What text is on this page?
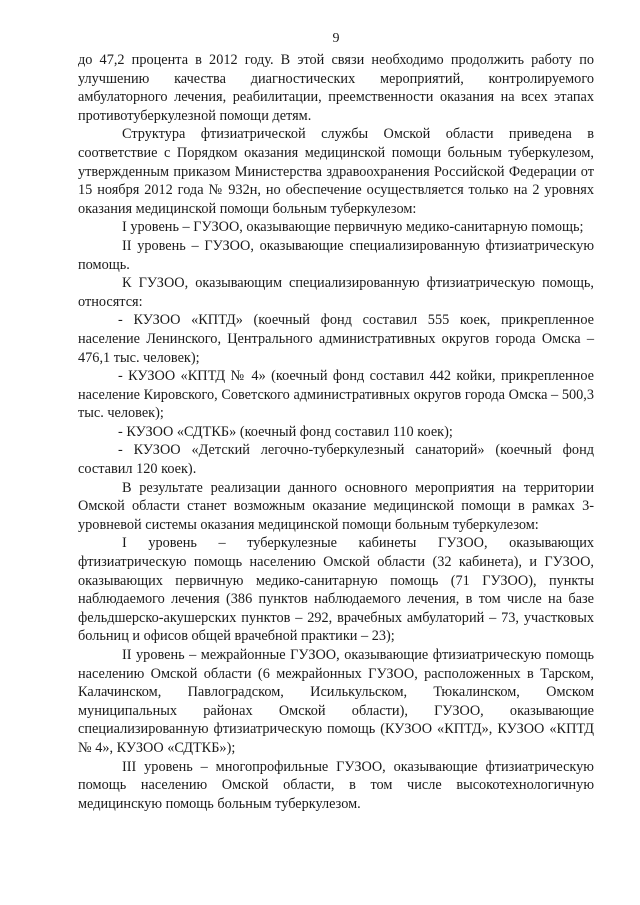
9

до 47,2 процента в 2012 году. В этой связи необходимо продолжить работу по улучшению качества диагностических мероприятий, контролируемого амбулаторного лечения, реабилитации, преемственности оказания на всех этапах противотуберкулезной помощи детям.

Структура фтизиатрической службы Омской области приведена в соответствие с Порядком оказания медицинской помощи больным туберкулезом, утвержденным приказом Министерства здравоохранения Российской Федерации от 15 ноября 2012 года № 932н, но обеспечение осуществляется только на 2 уровнях оказания медицинской помощи больным туберкулезом:

I уровень – ГУЗОО, оказывающие первичную медико-санитарную помощь;

II уровень – ГУЗОО, оказывающие специализированную фтизиатрическую помощь.

К ГУЗОО, оказывающим специализированную фтизиатрическую помощь, относятся:

- КУЗОО «КПТД» (коечный фонд составил 555 коек, прикрепленное население Ленинского, Центрального административных округов города Омска – 476,1 тыс. человек);

- КУЗОО «КПТД № 4» (коечный фонд составил 442 койки, прикрепленное население Кировского, Советского административных округов города Омска – 500,3 тыс. человек);

- КУЗОО «СДТКБ» (коечный фонд составил 110 коек);

- КУЗОО «Детский легочно-туберкулезный санаторий» (коечный фонд составил 120 коек).

В результате реализации данного основного мероприятия на территории Омской области станет возможным оказание медицинской помощи в рамках 3-уровневой системы оказания медицинской помощи больным туберкулезом:

I уровень – туберкулезные кабинеты ГУЗОО, оказывающих фтизиатрическую помощь населению Омской области (32 кабинета), и ГУЗОО, оказывающих первичную медико-санитарную помощь (71 ГУЗОО), пункты наблюдаемого лечения (386 пунктов наблюдаемого лечения, в том числе на базе фельдшерско-акушерских пунктов – 292, врачебных амбулаторий – 73, участковых больниц и офисов общей врачебной практики – 23);

II уровень – межрайонные ГУЗОО, оказывающие фтизиатрическую помощь населению Омской области (6 межрайонных ГУЗОО, расположенных в Тарском, Калачинском, Павлоградском, Исилькульском, Тюкалинском, Омском муниципальных районах Омской области), ГУЗОО, оказывающие специализированную фтизиатрическую помощь (КУЗОО «КПТД», КУЗОО «КПТД № 4», КУЗОО «СДТКБ»);

III уровень – многопрофильные ГУЗОО, оказывающие фтизиатрическую помощь населению Омской области, в том числе высокотехнологичную медицинскую помощь больным туберкулезом.
